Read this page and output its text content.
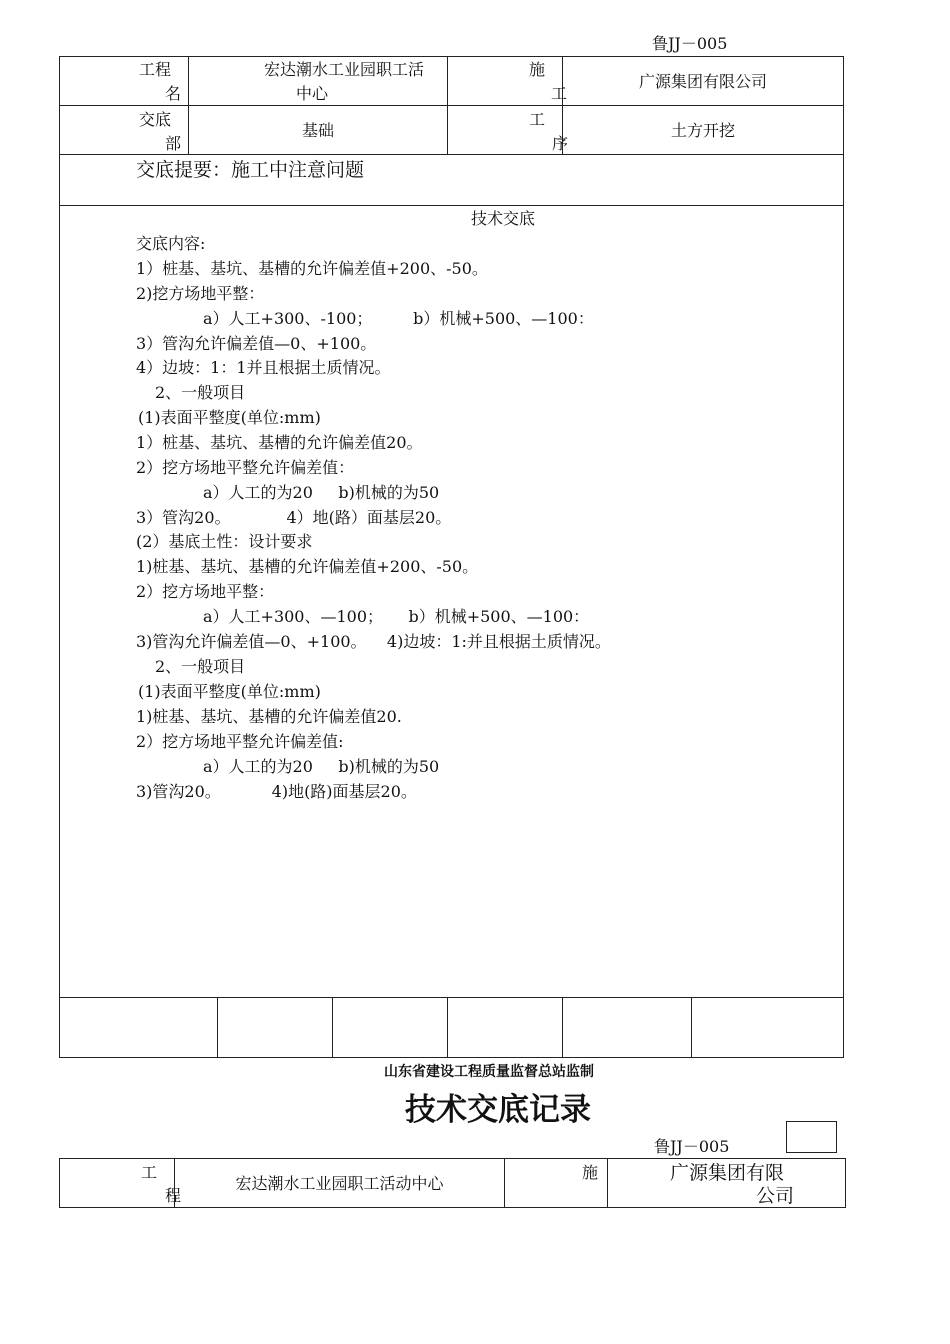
鲁JJ－005
工程
名
宏达潮水工业园职工活
中心
施
工
广源集团有限公司
交底
部
基础
工
序
土方开挖
交底提要：施工中注意问题
技术交底
交底内容:
1）桩基、基坑、基槽的允许偏差值+200、-50。
2)挖方场地平整：
a）人工+300、-100；        b）机械+500、—100：
3）管沟允许偏差值—0、+100。
4）边坡：1：1并且根据土质情况。
2、一般项目
(1)表面平整度(单位:mm)
1）桩基、基坑、基槽的允许偏差值20。
2）挖方场地平整允许偏差值：
a）人工的为20     b)机械的为50
3）管沟20。           4）地(路）面基层20。
(2）基底土性：设计要求
1)桩基、基坑、基槽的允许偏差值+200、-50。
2）挖方场地平整：
a）人工+300、—100；     b）机械+500、—100：
3)管沟允许偏差值—0、+100。    4)边坡：1:并且根据土质情况。
2、一般项目
(1)表面平整度(单位:mm)
1)桩基、基坑、基槽的允许偏差值20.
2）挖方场地平整允许偏差值:
a）人工的为20     b)机械的为50
3)管沟20。          4)地(路)面基层20。
山东省建设工程质量监督总站监制
技术交底记录
鲁JJ－005
工
程
宏达潮水工业园职工活动中心
施	广源集团有限
公司
